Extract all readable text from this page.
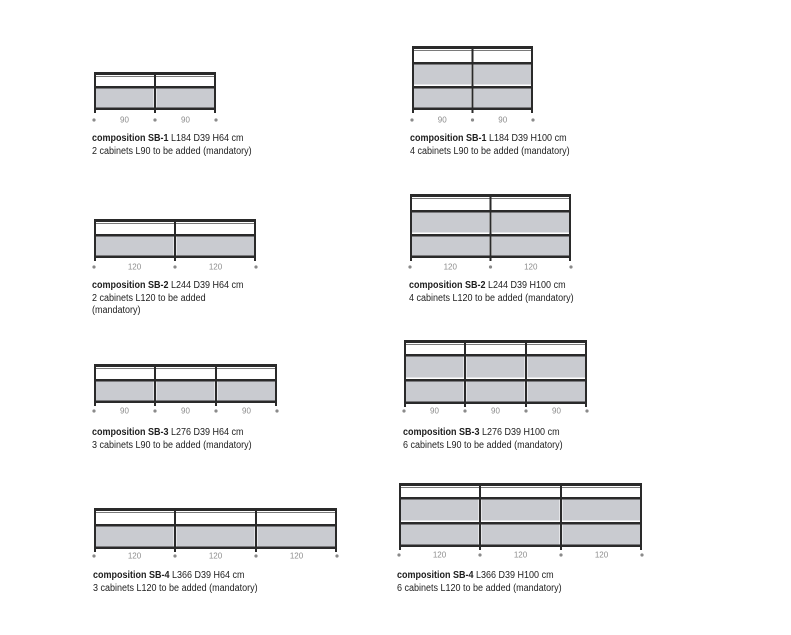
90	90
composition SB-1 L184 D39 H64 cm
2 cabinets L90 to be added (mandatory)
90	90
composition SB-1 L184 D39 H100 cm
4 cabinets L90 to be added (mandatory)
120	120
composition SB-2 L244 D39 H64 cm
2 cabinets L120 to be added
(mandatory)
120	120
composition SB-2 L244 D39 H100 cm
4 cabinets L120 to be added (mandatory)
90	90	90
composition SB-3 L276 D39 H64 cm
3 cabinets L90 to be added (mandatory)
90	90	90
composition SB-3 L276 D39 H100 cm
6 cabinets L90 to be added (mandatory)
120	120	120
composition SB-4 L366 D39 H64 cm
3 cabinets L120 to be added (mandatory)
120	120	120
composition SB-4 L366 D39 H100 cm
6 cabinets L120 to be added (mandatory)
